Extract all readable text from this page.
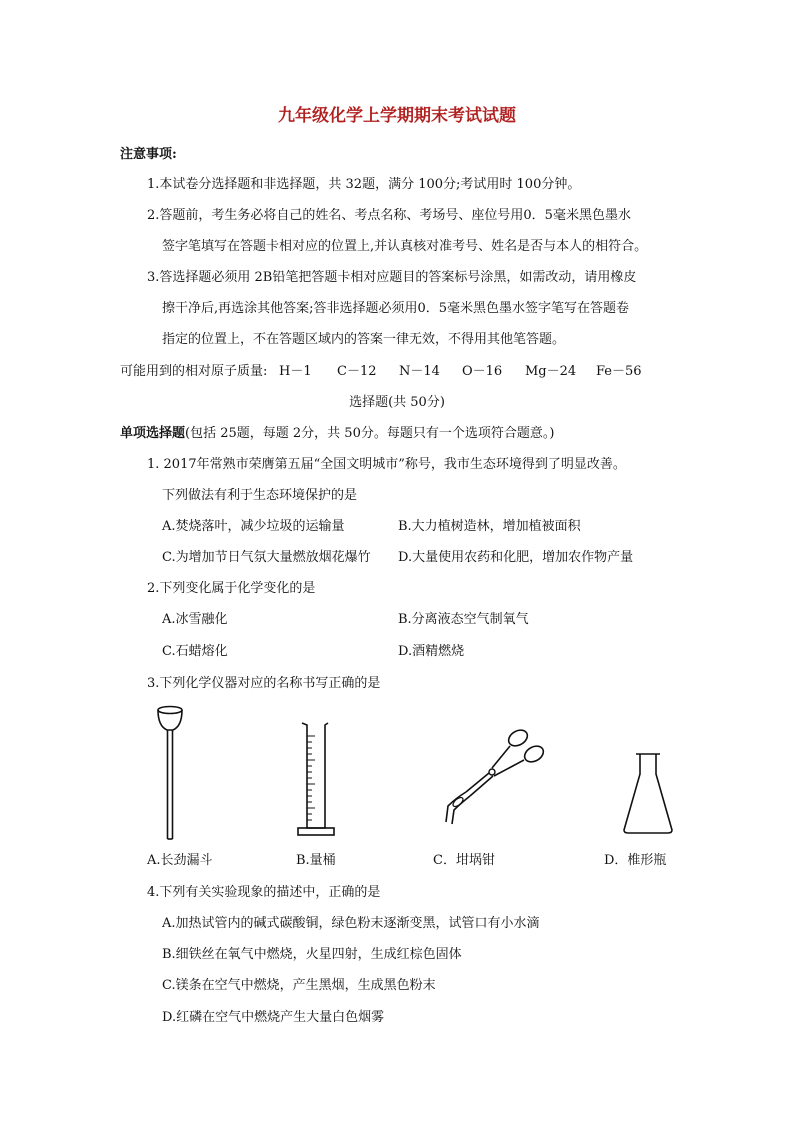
九年级化学上学期期末考试试题
注意事项:
1.本试卷分选择题和非选择题，共 32题，满分 100分;考试用时 100分钟。
2.答题前，考生务必将自己的姓名、考点名称、考场号、座位号用0．5毫米黑色墨水
签字笔填写在答题卡相对应的位置上,并认真核对准考号、姓名是否与本人的相符合。
3.答选择题必须用 2B铅笔把答题卡相对应题目的答案标号涂黑，如需改动，请用橡皮
擦干净后,再选涂其他答案;答非选择题必须用0．5毫米黑色墨水签字笔写在答题卷
指定的位置上，不在答题区域内的答案一律无效，不得用其他笔答题。
可能用到的相对原子质量: H－1 C－12 N－14 O－16 Mg－24 Fe－56
选择题(共 50分)
单项选择题(包括 25题，每题 2分，共 50分。每题只有一个选项符合题意。)
1. 2017年常熟市荣膺第五届“全国文明城市”称号，我市生态环境得到了明显改善。
下列做法有利于生态环境保护的是
A.焚烧落叶，减少垃圾的运输量	B.大力植树造林，增加植被面积
C.为增加节日气氛大量燃放烟花爆竹 D.大量使用农药和化肥，增加农作物产量
2.下列变化属于化学变化的是
A.冰雪融化	B.分离液态空气制氧气
C.石蜡熔化	D.酒精燃烧
3.下列化学仪器对应的名称书写正确的是
A.长劲漏斗	B.量桶	C．坩埚钳	D．椎形瓶
4.下列有关实验现象的描述中，正确的是
A.加热试管内的碱式碳酸铜，绿色粉末逐渐变黑，试管口有小水滴
B.细铁丝在氧气中燃烧，火星四射，生成红棕色固体
C.镁条在空气中燃烧，产生黑烟，生成黑色粉末
D.红磷在空气中燃烧产生大量白色烟雾
